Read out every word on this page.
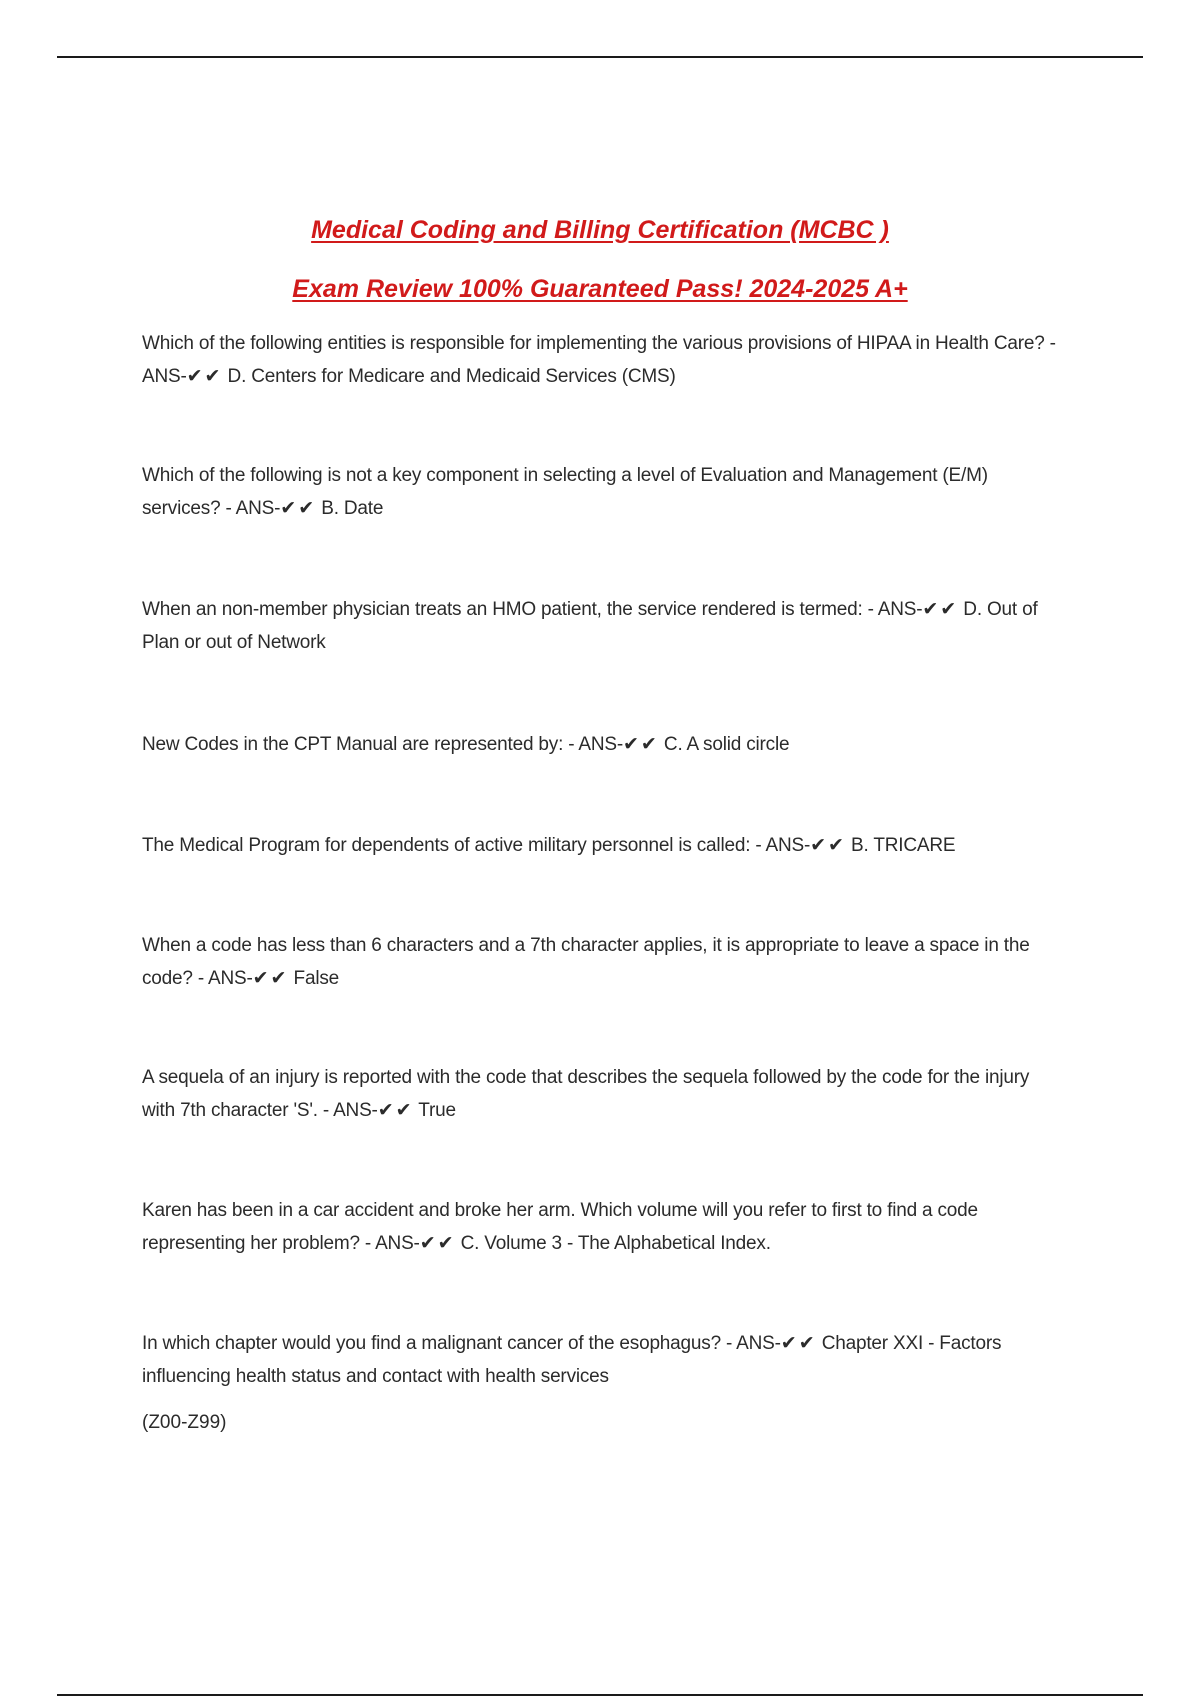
Medical Coding and Billing Certification (MCBC )
Exam Review 100% Guaranteed Pass! 2024-2025 A+

Which of the following entities is responsible for implementing the various provisions of HIPAA in Health Care? - ANS-✔✔ D. Centers for Medicare and Medicaid Services (CMS)

Which of the following is not a key component in selecting a level of Evaluation and Management (E/M) services? - ANS-✔✔ B. Date

When an non-member physician treats an HMO patient, the service rendered is termed: - ANS-✔✔ D. Out of Plan or out of Network

New Codes in the CPT Manual are represented by: - ANS-✔✔ C. A solid circle

The Medical Program for dependents of active military personnel is called: - ANS-✔✔ B. TRICARE

When a code has less than 6 characters and a 7th character applies, it is appropriate to leave a space in the code? - ANS-✔✔ False

A sequela of an injury is reported with the code that describes the sequela followed by the code for the injury with 7th character 'S'. - ANS-✔✔ True

Karen has been in a car accident and broke her arm. Which volume will you refer to first to find a code representing her problem? - ANS-✔✔ C. Volume 3 - The Alphabetical Index.

In which chapter would you find a malignant cancer of the esophagus? - ANS-✔✔ Chapter XXI - Factors influencing health status and contact with health services

(Z00-Z99)
